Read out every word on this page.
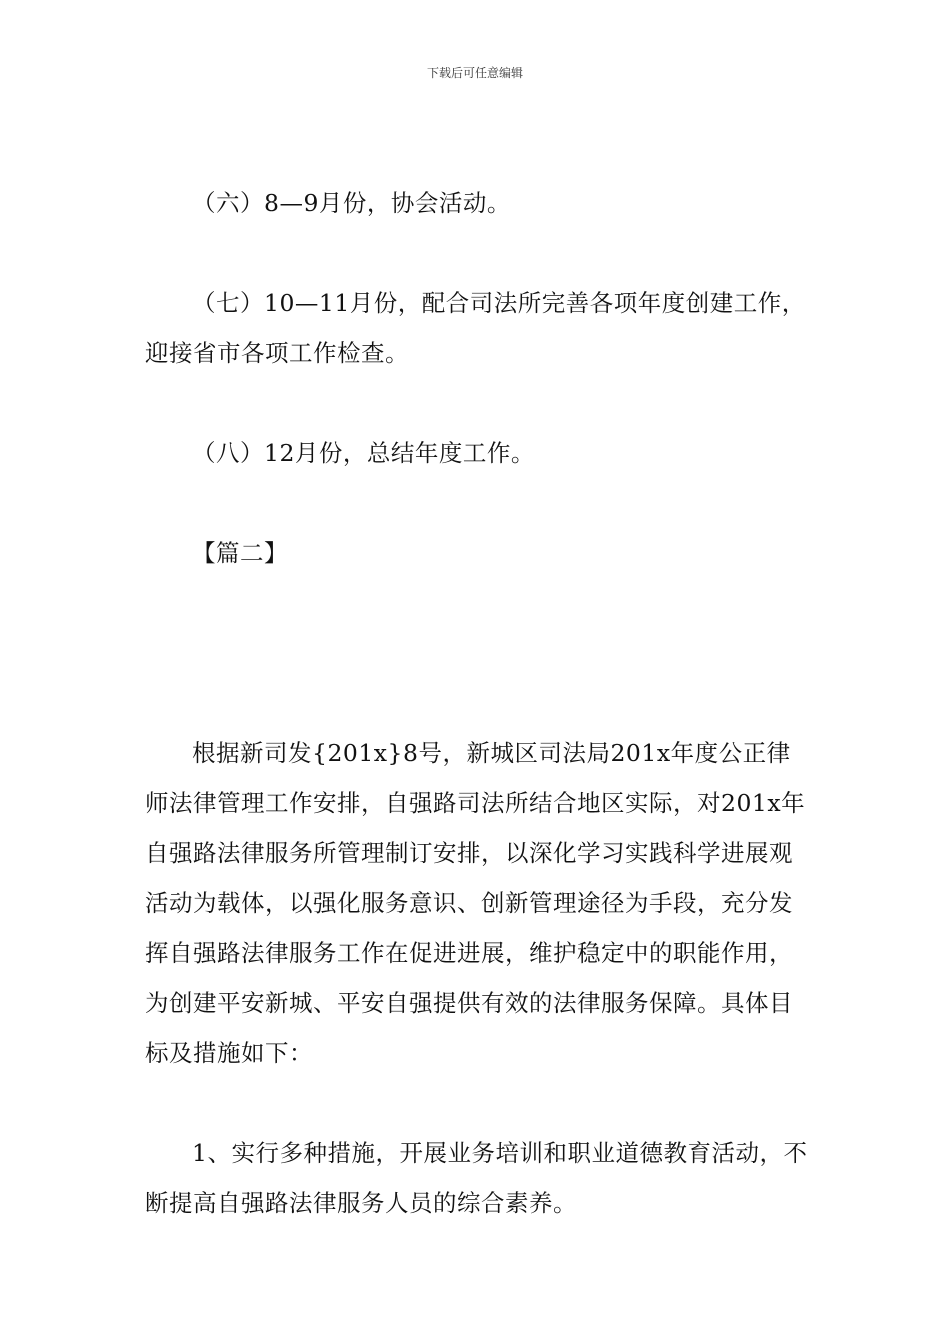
下载后可任意编辑

（六）8—9月份，协会活动。

（七）10—11月份，配合司法所完善各项年度创建工作，迎接省市各项工作检查。

（八）12月份，总结年度工作。

【篇二】

根据新司发{201x}8号，新城区司法局201x年度公正律师法律管理工作安排，自强路司法所结合地区实际，对201x年自强路法律服务所管理制订安排，以深化学习实践科学进展观活动为载体，以强化服务意识、创新管理途径为手段，充分发挥自强路法律服务工作在促进进展，维护稳定中的职能作用，为创建平安新城、平安自强提供有效的法律服务保障。具体目标及措施如下：

1、实行多种措施，开展业务培训和职业道德教育活动，不断提高自强路法律服务人员的综合素养。
